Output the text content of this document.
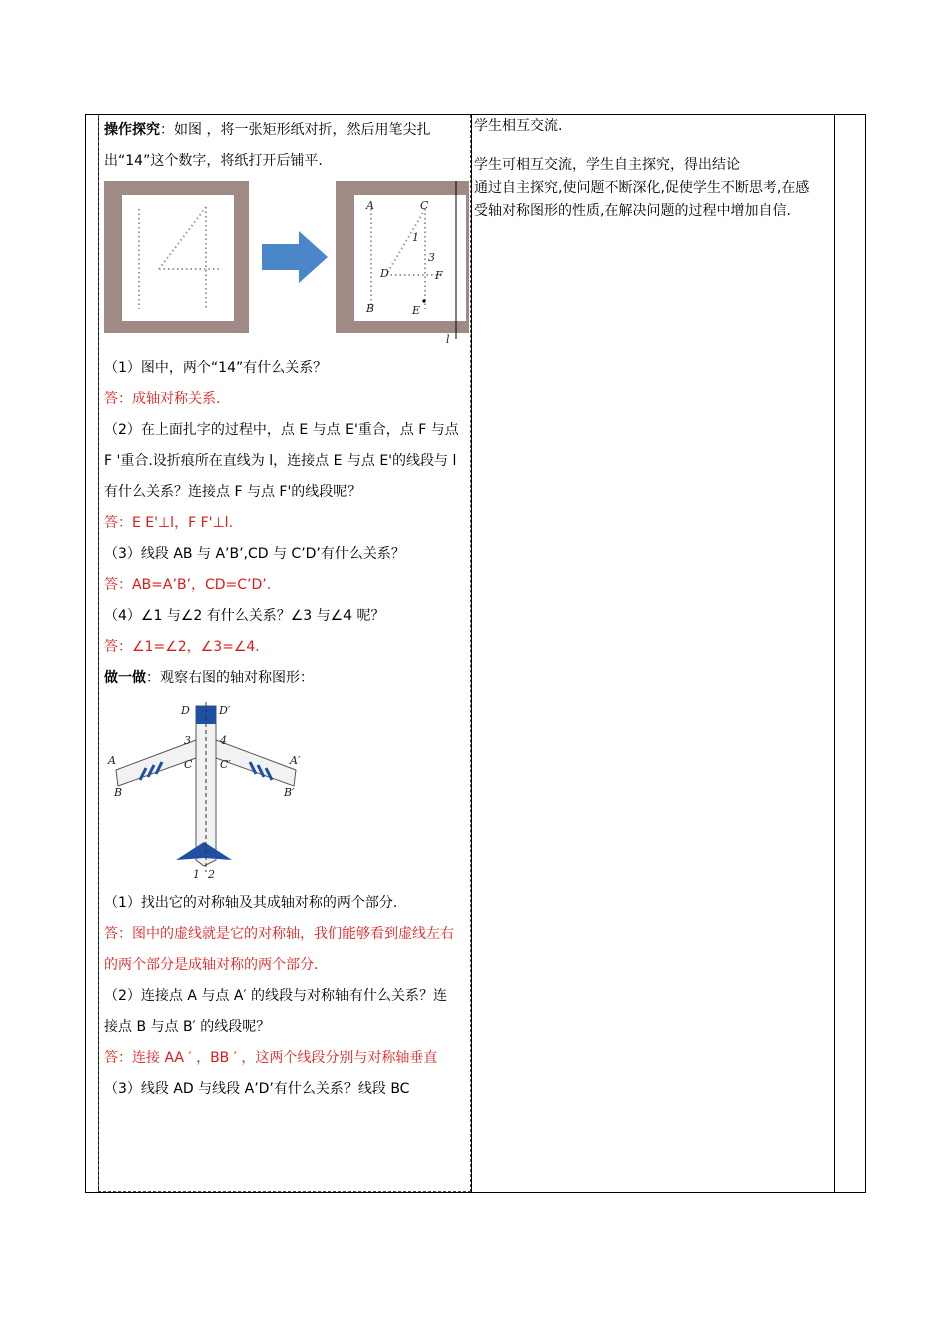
操作探究：如图 ，将一张矩形纸对折，然后用笔尖扎出“14”这个数字，将纸打开后铺平.

A	C
1
3
D	F
B	E
l

（1）图中，两个“14”有什么关系？

答：成轴对称关系.

（2）在上面扎字的过程中，点 E 与点 E'重合，点 F 与点 F '重合.设折痕所在直线为 l，连接点 E 与点 E'的线段与 l 有什么关系？连接点 F 与点 F'的线段呢？

答：E E'⊥l，F F'⊥l.

（3）线段 AB 与 A’B’,CD 与 C’D’有什么关系？

答：AB=A’B’，CD=C’D’.

（4）∠1 与∠2 有什么关系？∠3 与∠4 呢？

答：∠1=∠2，∠3=∠4.

做一做：观察右图的轴对称图形：

D	D′
3	4
A	A′
C	C′
B	B′
1 2

（1）找出它的对称轴及其成轴对称的两个部分.

答：图中的虚线就是它的对称轴，我们能够看到虚线左右的两个部分是成轴对称的两个部分.

（2）连接点 A 与点 A′ 的线段与对称轴有什么关系？连接点 B 与点 B′ 的线段呢？

答：连接 AA ′ ，BB ′ ，这两个线段分别与对称轴垂直

（3）线段 AD 与线段 A’D’有什么关系？线段 BC

学生相互交流.

学生可相互交流，学生自主探究，得出结论

通过自主探究,使问题不断深化,促使学生不断思考,在感受轴对称图形的性质,在解决问题的过程中增加自信.
